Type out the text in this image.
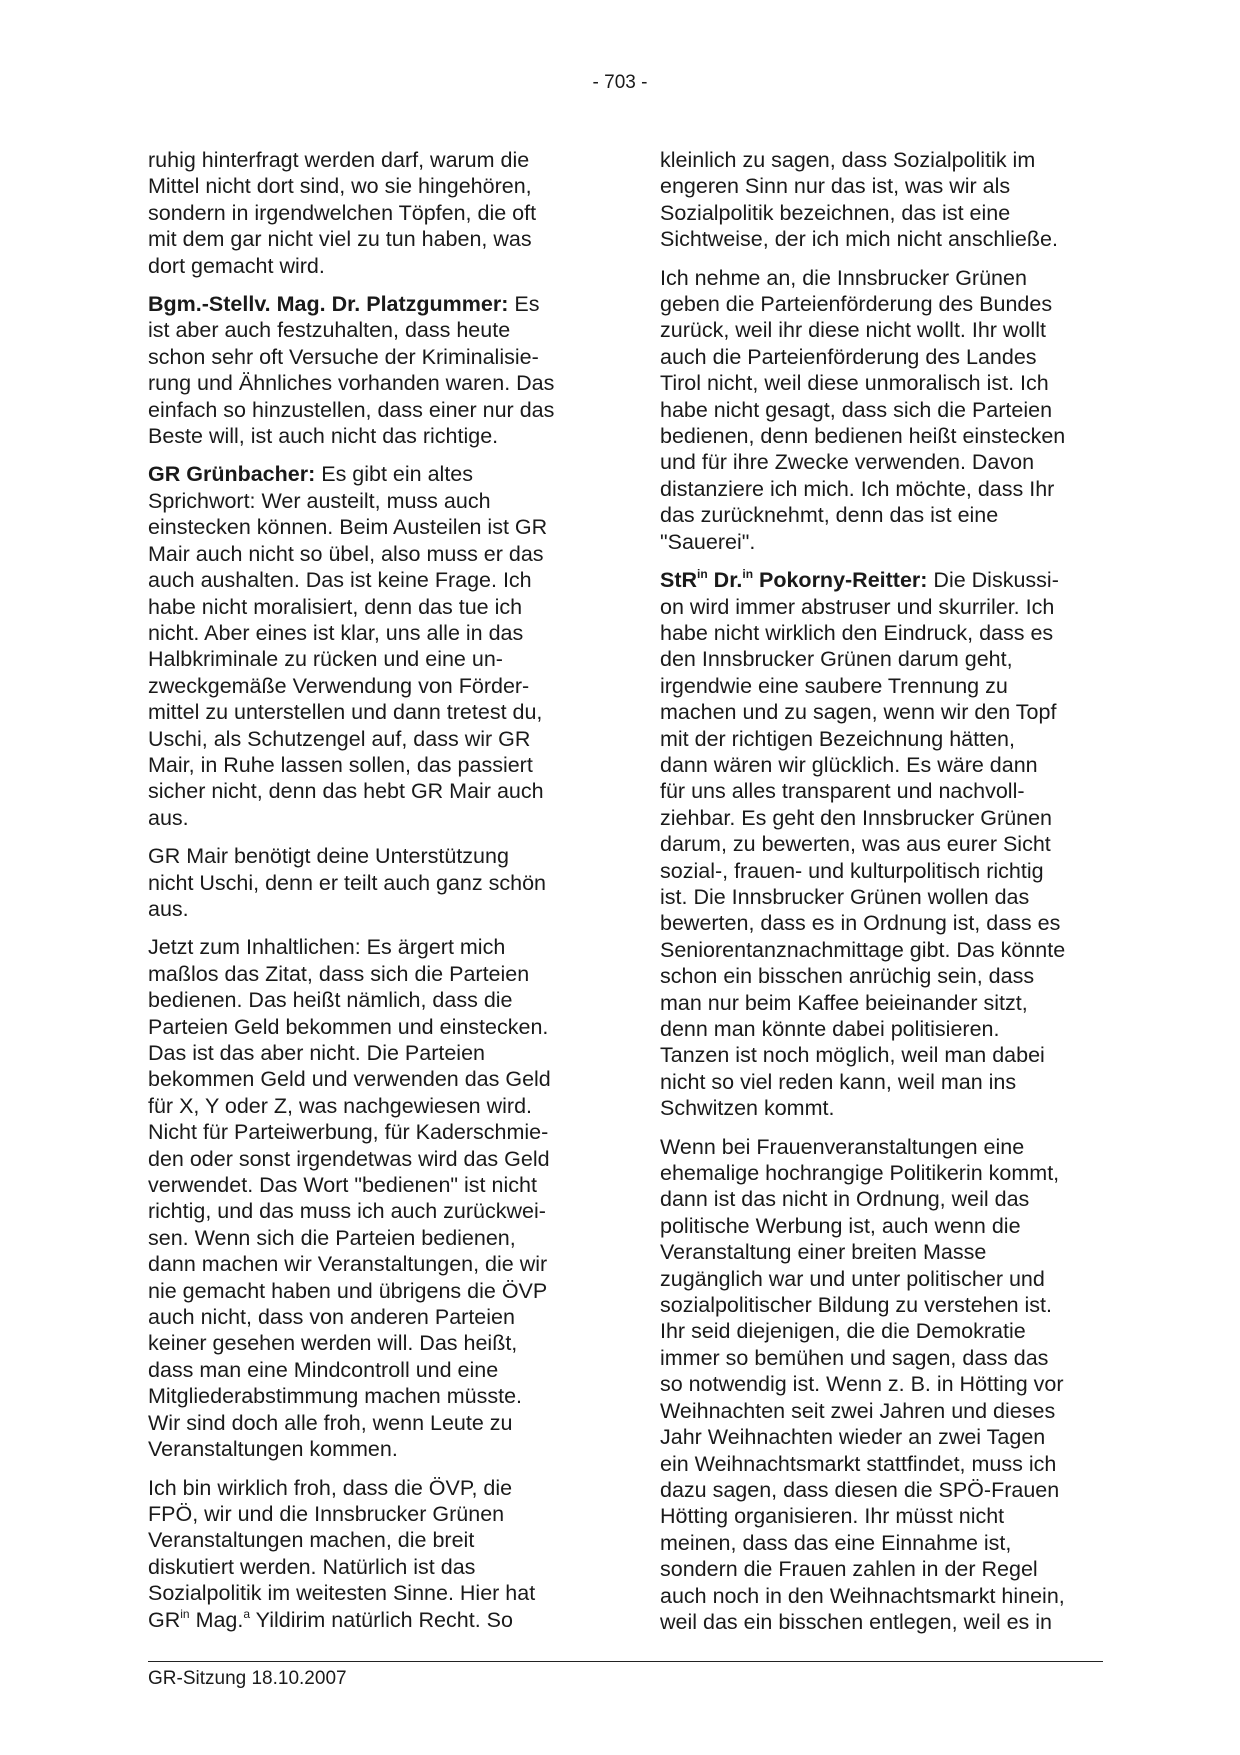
- 703 -
ruhig hinterfragt werden darf, warum die
Mittel nicht dort sind, wo sie hingehören,
sondern in irgendwelchen Töpfen, die oft
mit dem gar nicht viel zu tun haben, was
dort gemacht wird.
Bgm.-Stellv. Mag. Dr. Platzgummer: Es
ist aber auch festzuhalten, dass heute
schon sehr oft Versuche der Kriminalisie-
rung und Ähnliches vorhanden waren. Das
einfach so hinzustellen, dass einer nur das
Beste will, ist auch nicht das richtige.
GR Grünbacher: Es gibt ein altes
Sprichwort: Wer austeilt, muss auch
einstecken können. Beim Austeilen ist GR
Mair auch nicht so übel, also muss er das
auch aushalten. Das ist keine Frage. Ich
habe nicht moralisiert, denn das tue ich
nicht. Aber eines ist klar, uns alle in das
Halbkriminale zu rücken und eine un-
zweckgemäße Verwendung von Förder-
mittel zu unterstellen und dann tretest du,
Uschi, als Schutzengel auf, dass wir GR
Mair, in Ruhe lassen sollen, das passiert
sicher nicht, denn das hebt GR Mair auch
aus.
GR Mair benötigt deine Unterstützung
nicht Uschi, denn er teilt auch ganz schön
aus.
Jetzt zum Inhaltlichen: Es ärgert mich
maßlos das Zitat, dass sich die Parteien
bedienen. Das heißt nämlich, dass die
Parteien Geld bekommen und einstecken.
Das ist das aber nicht. Die Parteien
bekommen Geld und verwenden das Geld
für X, Y oder Z, was nachgewiesen wird.
Nicht für Parteiwerbung, für Kaderschmie-
den oder sonst irgendetwas wird das Geld
verwendet. Das Wort "bedienen" ist nicht
richtig, und das muss ich auch zurückwei-
sen. Wenn sich die Parteien bedienen,
dann machen wir Veranstaltungen, die wir
nie gemacht haben und übrigens die ÖVP
auch nicht, dass von anderen Parteien
keiner gesehen werden will. Das heißt,
dass man eine Mindcontroll und eine
Mitgliederabstimmung machen müsste.
Wir sind doch alle froh, wenn Leute zu
Veranstaltungen kommen.
Ich bin wirklich froh, dass die ÖVP, die
FPÖ, wir und die Innsbrucker Grünen
Veranstaltungen machen, die breit
diskutiert werden. Natürlich ist das
Sozialpolitik im weitesten Sinne. Hier hat
$GR^{in}$ Mag.$^a$ Yildirim natürlich Recht. So
kleinlich zu sagen, dass Sozialpolitik im
engeren Sinn nur das ist, was wir als
Sozialpolitik bezeichnen, das ist eine
Sichtweise, der ich mich nicht anschließe.
Ich nehme an, die Innsbrucker Grünen
geben die Parteienförderung des Bundes
zurück, weil ihr diese nicht wollt. Ihr wollt
auch die Parteienförderung des Landes
Tirol nicht, weil diese unmoralisch ist. Ich
habe nicht gesagt, dass sich die Parteien
bedienen, denn bedienen heißt einstecken
und für ihre Zwecke verwenden. Davon
distanziere ich mich. Ich möchte, dass Ihr
das zurücknehmt, denn das ist eine
"Sauerei".
StR$^{in}$ Dr.$^{in}$ Pokorny-Reitter: Die Diskussi-
on wird immer abstruser und skurriler. Ich
habe nicht wirklich den Eindruck, dass es
den Innsbrucker Grünen darum geht,
irgendwie eine saubere Trennung zu
machen und zu sagen, wenn wir den Topf
mit der richtigen Bezeichnung hätten,
dann wären wir glücklich. Es wäre dann
für uns alles transparent und nachvoll-
ziehbar. Es geht den Innsbrucker Grünen
darum, zu bewerten, was aus eurer Sicht
sozial-, frauen- und kulturpolitisch richtig
ist. Die Innsbrucker Grünen wollen das
bewerten, dass es in Ordnung ist, dass es
Seniorentanznachmittage gibt. Das könnte
schon ein bisschen anrüchig sein, dass
man nur beim Kaffee beieinander sitzt,
denn man könnte dabei politisieren.
Tanzen ist noch möglich, weil man dabei
nicht so viel reden kann, weil man ins
Schwitzen kommt.
Wenn bei Frauenveranstaltungen eine
ehemalige hochrangige Politikerin kommt,
dann ist das nicht in Ordnung, weil das
politische Werbung ist, auch wenn die
Veranstaltung einer breiten Masse
zugänglich war und unter politischer und
sozialpolitischer Bildung zu verstehen ist.
Ihr seid diejenigen, die die Demokratie
immer so bemühen und sagen, dass das
so notwendig ist. Wenn z. B. in Hötting vor
Weihnachten seit zwei Jahren und dieses
Jahr Weihnachten wieder an zwei Tagen
ein Weihnachtsmarkt stattfindet, muss ich
dazu sagen, dass diesen die SPÖ-Frauen
Hötting organisieren. Ihr müsst nicht
meinen, dass das eine Einnahme ist,
sondern die Frauen zahlen in der Regel
auch noch in den Weihnachtsmarkt hinein,
weil das ein bisschen entlegen, weil es in
GR-Sitzung 18.10.2007
